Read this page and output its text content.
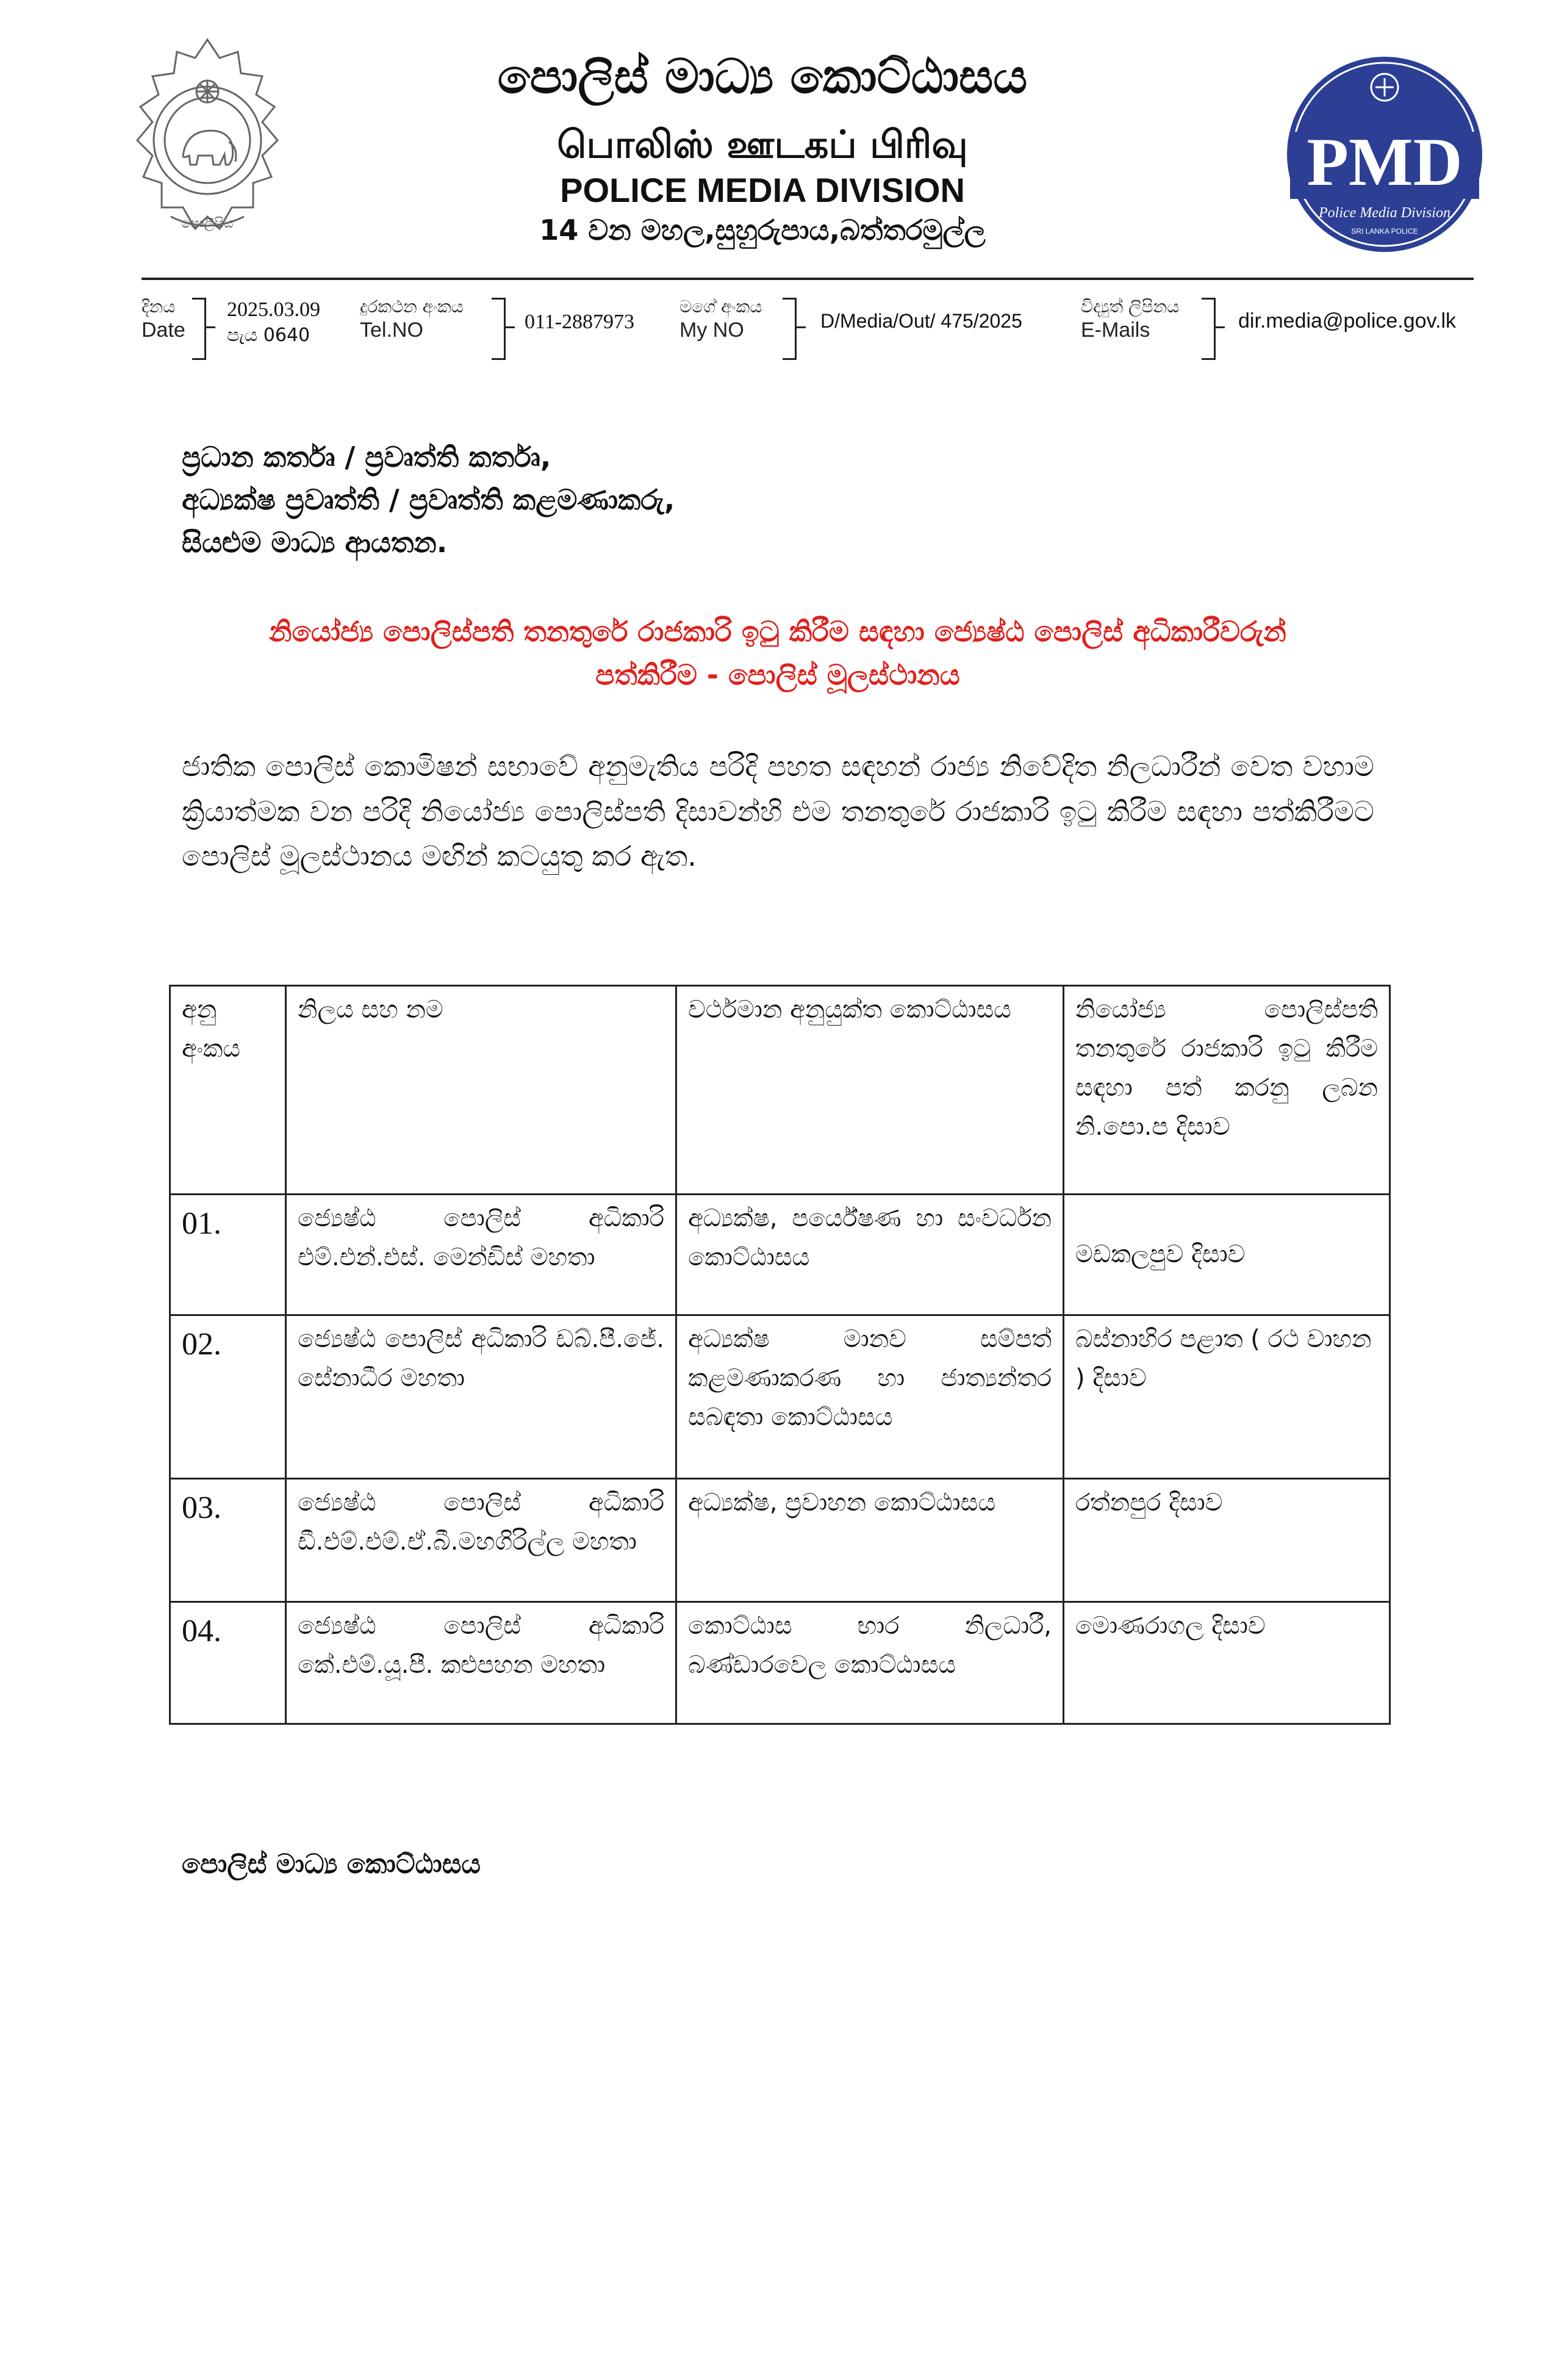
පොලීසිය
PMD
Police Media Division
SRI LANKA POLICE
පොලිස් මාධ්‍ය කොට්ඨාසය
பொலிஸ் ஊடகப் பிரிவு
POLICE MEDIA DIVISION
14 වන මහල,සුහුරුපාය,බත්තරමුල්ල
දිනය
Date
2025.03.09
පැය 0640
දුරකථන අංකය
Tel.NO	011-2887973
මගේ අංකය
My NO	D/Media/Out/ 475/2025
විද්‍යුත් ලිපිනය
E-Mails	dir.media@police.gov.lk
ප්‍රධාන කර්තෘ / ප්‍රවෘත්ති කර්තෘ,
අධ්‍යක්ෂ ප්‍රවෘත්ති / ප්‍රවෘත්ති කළමණාකරු,
සියළුම මාධ්‍ය ආයතන.
නියෝජ්‍ය පොලිස්පති තනතුරේ රාජකාරි ඉටු කිරීම සඳහා ජ්‍යෙෂ්ඨ පොලිස් අධිකාරීවරුන්
පත්කිරීම - පොලිස් මූලස්ථානය
ජාතික පොලිස් කොමිෂන් සභාවේ අනුමැතිය පරිදි පහත සඳහන් රාජ්‍ය නිවේදිත නිලධාරීන් වෙත වහාම ක්‍රියාත්මක වන පරිදි නියෝජ්‍ය පොලිස්පති දිසාවන්හි එම තනතුරේ රාජකාරි ඉටු කිරීම සඳහා පත්කිරීමට පොලිස් මූලස්ථානය මඟින් කටයුතු කර ඇත.
අනු අංකය	නිලය සහ නම	වර්ථමාන අනුයුක්ත කොට්ඨාසය	නියෝජ්‍ය පොලිස්පති තනතුරේ රාජකාරි ඉටු කිරීම සඳහා පත් කරනු ලබන නි.පො.ප දිසාව
01.	ජ්‍යෙෂ්ඨ පොලිස් අධිකාරි එම්.එන්.එස්. මෙන්ඩිස් මහතා	අධ්‍යක්ෂ, පර්යේෂණ හා සංවර්ධන කොට්ඨාසය	මඩකලපුව දිසාව
02.	ජ්‍යෙෂ්ඨ පොලිස් අධිකාරි ඩබ්.පී.ජේ. සේනාධීර මහතා	අධ්‍යක්ෂ මානව සම්පත් කළමණාකරණ හා ජාත්‍යන්තර සබඳතා කොට්ඨාසය	බස්නාහිර පළාත ( රථ වාහන ) දිසාව
03.	ජ්‍යෙෂ්ඨ පොලිස් අධිකාරි ඩී.එම්.එම්.ඒ.බී.මහගිරිල්ල මහතා	අධ්‍යක්ෂ, ප්‍රවාහන කොට්ඨාසය	රත්නපුර දිසාව
04.	ජ්‍යෙෂ්ඨ පොලිස් අධිකාරි කේ.එම්.යූ.පී. කළුපහන මහතා	කොට්ඨාස භාර නිලධාරී, බණ්ඩාරවෙල කොට්ඨාසය	මොණරාගල දිසාව
පොලිස් මාධ්‍ය කොට්ඨාසය
